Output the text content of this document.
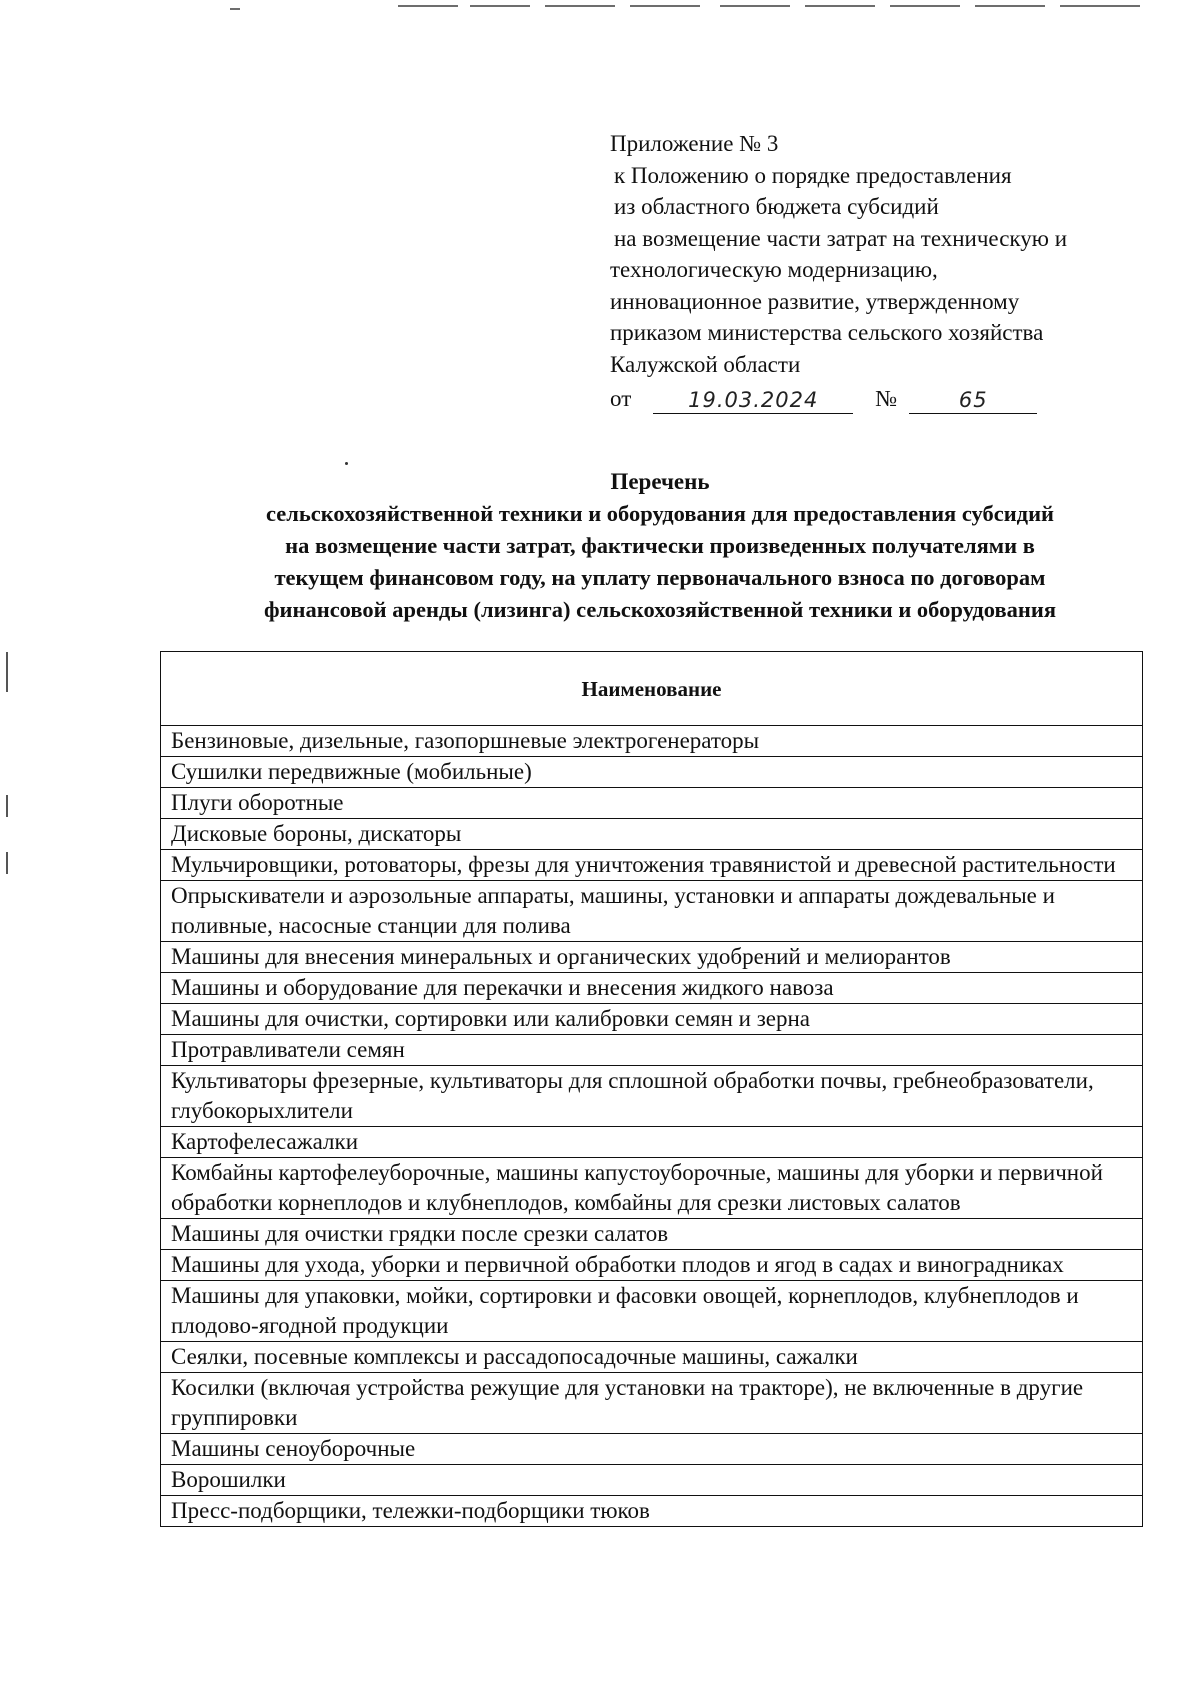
Приложение № 3
к Положению о порядке предоставления
из областного бюджета субсидий
на возмещение части затрат на техническую и
технологическую модернизацию,
инновационное развитие, утвержденному
приказом министерства сельского хозяйства
Калужской области
от	19.03.2024	№	65
Перечень
сельскохозяйственной техники и оборудования для предоставления субсидий
на возмещение части затрат, фактически произведенных получателями в
текущем финансовом году, на уплату первоначального взноса по договорам
финансовой аренды (лизинга) сельскохозяйственной техники и оборудования
Наименование
Бензиновые, дизельные, газопоршневые электрогенераторы
Сушилки передвижные (мобильные)
Плуги оборотные
Дисковые бороны, дискаторы
Мульчировщики, ротоваторы, фрезы для уничтожения травянистой и древесной растительности
Опрыскиватели и аэрозольные аппараты, машины, установки и аппараты дождевальные и поливные, насосные станции для полива
Машины для внесения минеральных и органических удобрений и мелиорантов
Машины и оборудование для перекачки и внесения жидкого навоза
Машины для очистки, сортировки или калибровки семян и зерна
Протравливатели семян
Культиваторы фрезерные, культиваторы для сплошной обработки почвы, гребнеобразователи, глубокорыхлители
Картофелесажалки
Комбайны картофелеуборочные, машины капустоуборочные, машины для уборки и первичной обработки корнеплодов и клубнеплодов, комбайны для срезки листовых салатов
Машины для очистки грядки после срезки салатов
Машины для ухода, уборки и первичной обработки плодов и ягод в садах и виноградниках
Машины для упаковки, мойки, сортировки и фасовки овощей, корнеплодов, клубнеплодов и плодово-ягодной продукции
Сеялки, посевные комплексы и рассадопосадочные машины, сажалки
Косилки (включая устройства режущие для установки на тракторе), не включенные в другие группировки
Машины сеноуборочные
Ворошилки
Пресс-подборщики, тележки-подборщики тюков
